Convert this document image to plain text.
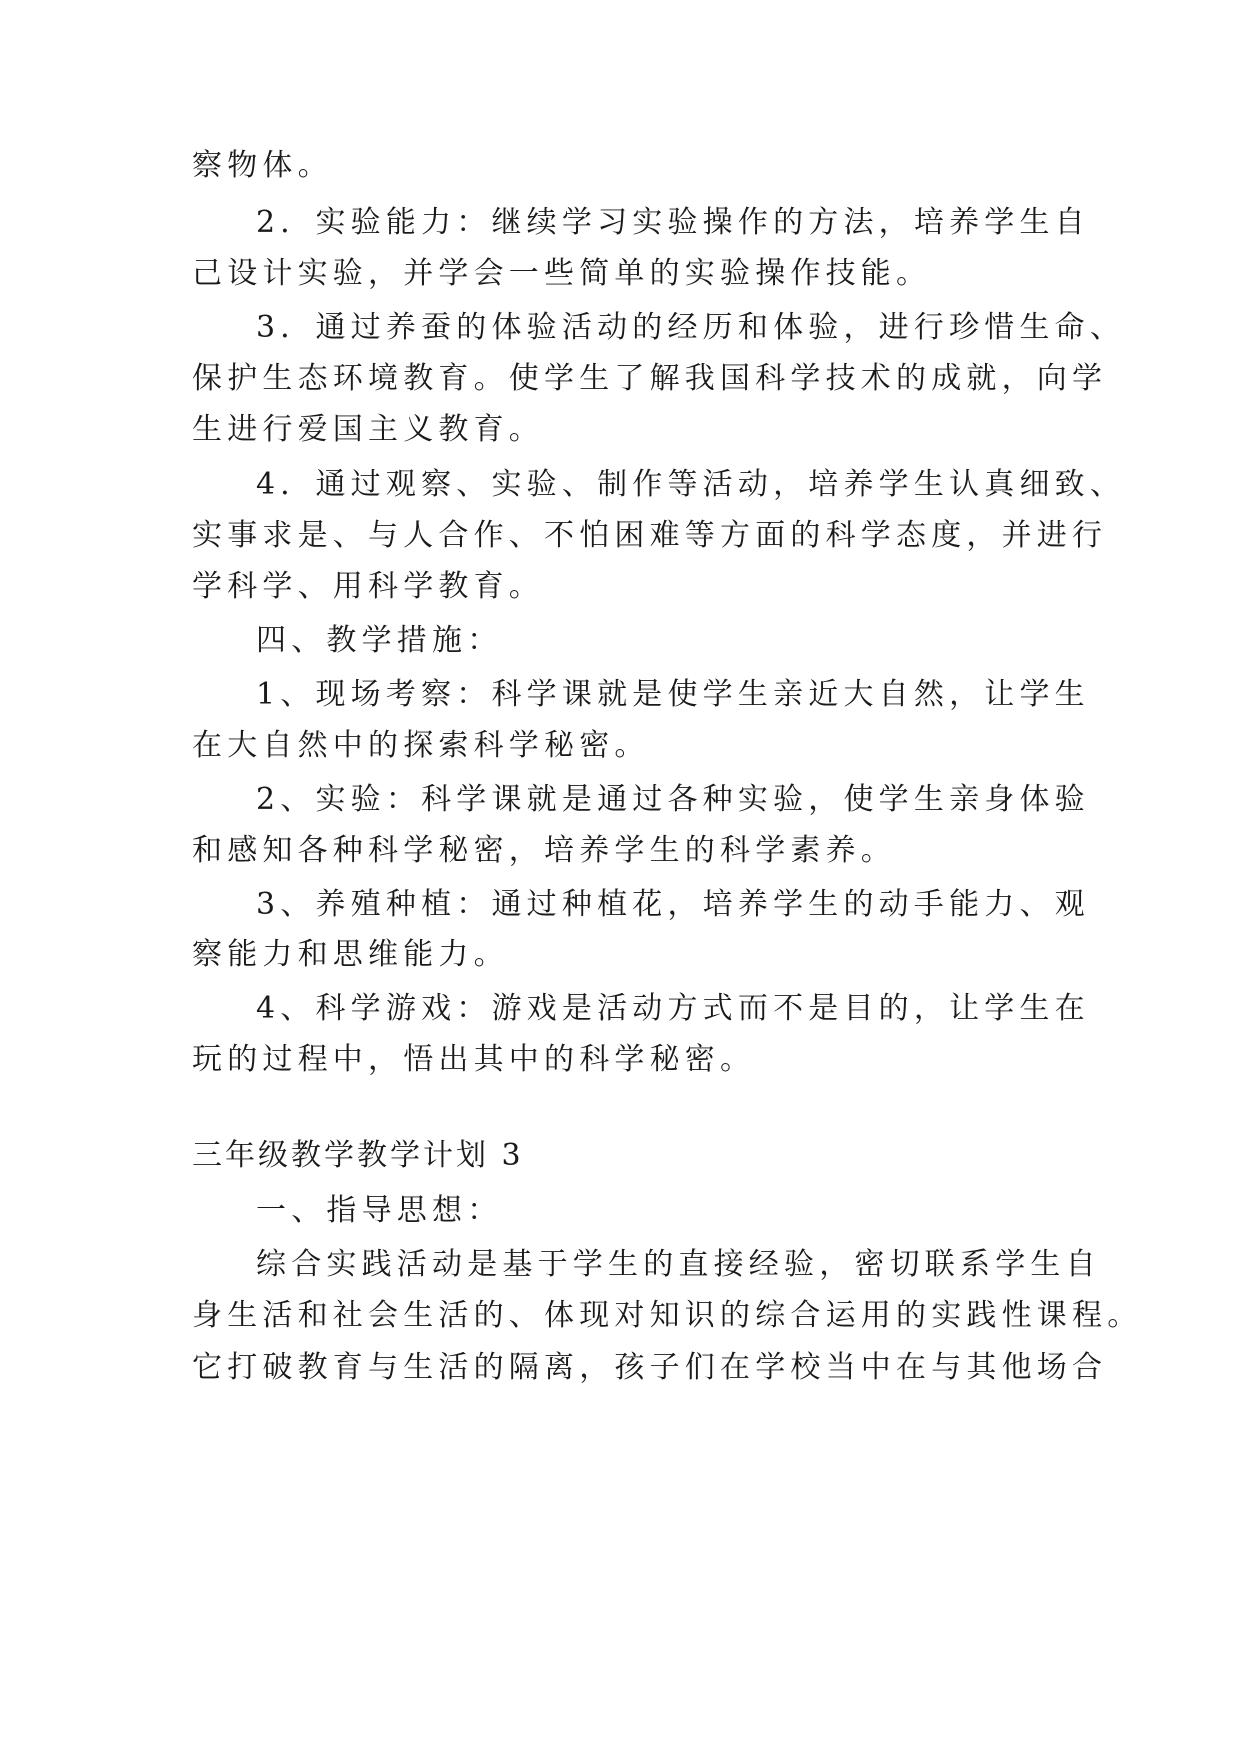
察物体。
2．实验能力：继续学习实验操作的方法，培养学生自
己设计实验，并学会一些简单的实验操作技能。
3．通过养蚕的体验活动的经历和体验，进行珍惜生命、
保护生态环境教育。使学生了解我国科学技术的成就，向学
生进行爱国主义教育。
4．通过观察、实验、制作等活动，培养学生认真细致、
实事求是、与人合作、不怕困难等方面的科学态度，并进行
学科学、用科学教育。
四、教学措施：
1、现场考察：科学课就是使学生亲近大自然，让学生
在大自然中的探索科学秘密。
2、实验：科学课就是通过各种实验，使学生亲身体验
和感知各种科学秘密，培养学生的科学素养。
3、养殖种植：通过种植花，培养学生的动手能力、观
察能力和思维能力。
4、科学游戏：游戏是活动方式而不是目的，让学生在
玩的过程中，悟出其中的科学秘密。
三年级教学教学计划 3
一、指导思想：
综合实践活动是基于学生的直接经验，密切联系学生自
身生活和社会生活的、体现对知识的综合运用的实践性课程。
它打破教育与生活的隔离，孩子们在学校当中在与其他场合
